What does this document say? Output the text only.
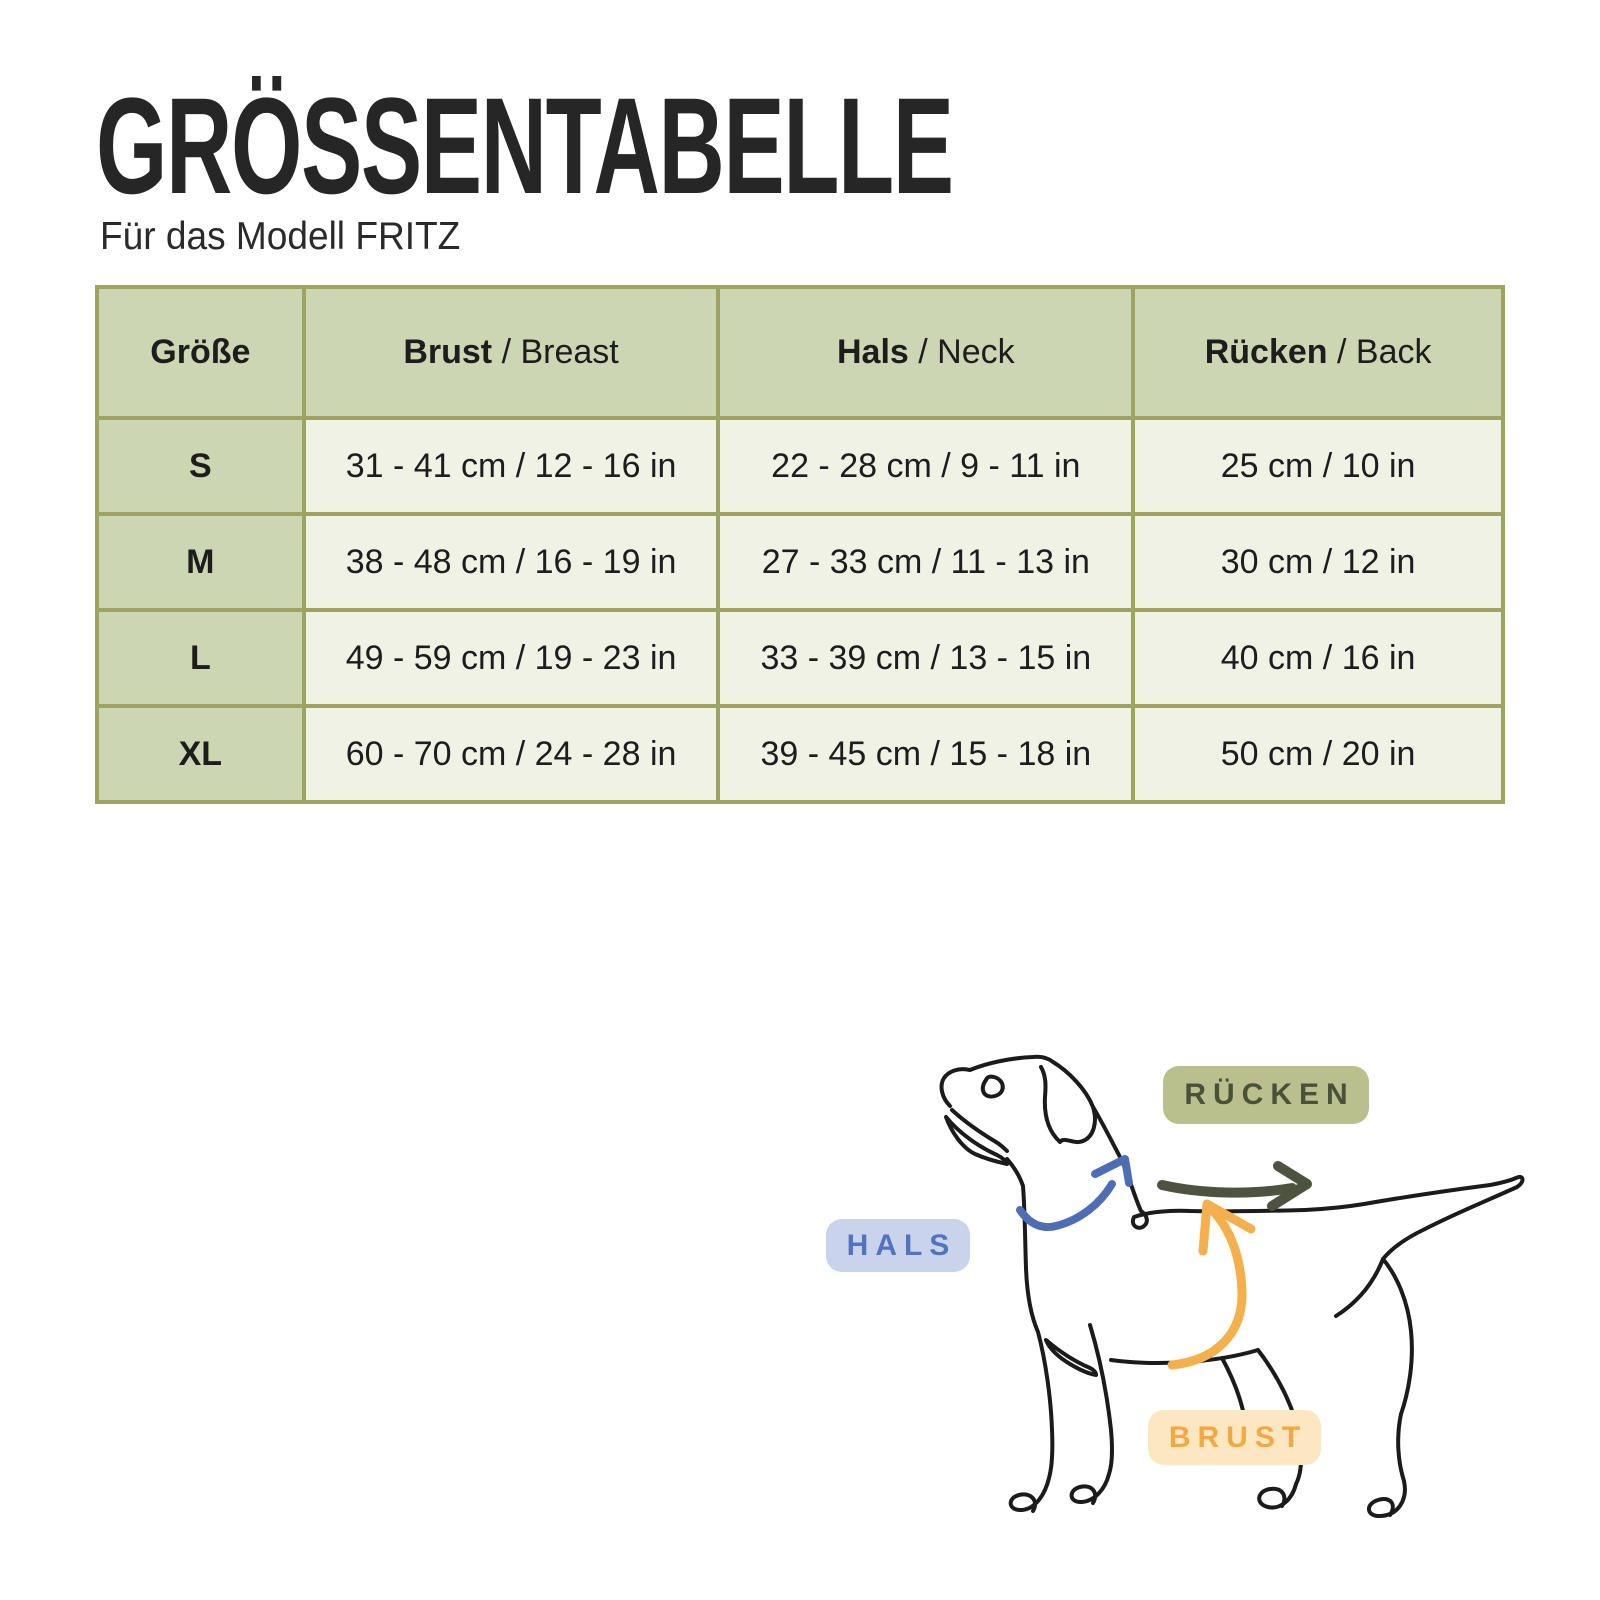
GRÖSSENTABELLE

Für das Modell FRITZ

Größe	Brust / Breast	Hals / Neck	Rücken / Back
S	31 - 41 cm / 12 - 16 in	22 - 28 cm / 9 - 11 in	25 cm / 10 in
M	38 - 48 cm / 16 - 19 in	27 - 33 cm / 11 - 13 in	30 cm / 12 in
L	49 - 59 cm / 19 - 23 in	33 - 39 cm / 13 - 15 in	40 cm / 16 in
XL	60 - 70 cm / 24 - 28 in	39 - 45 cm / 15 - 18 in	50 cm / 20 in
RÜCKEN
HALS
BRUST
